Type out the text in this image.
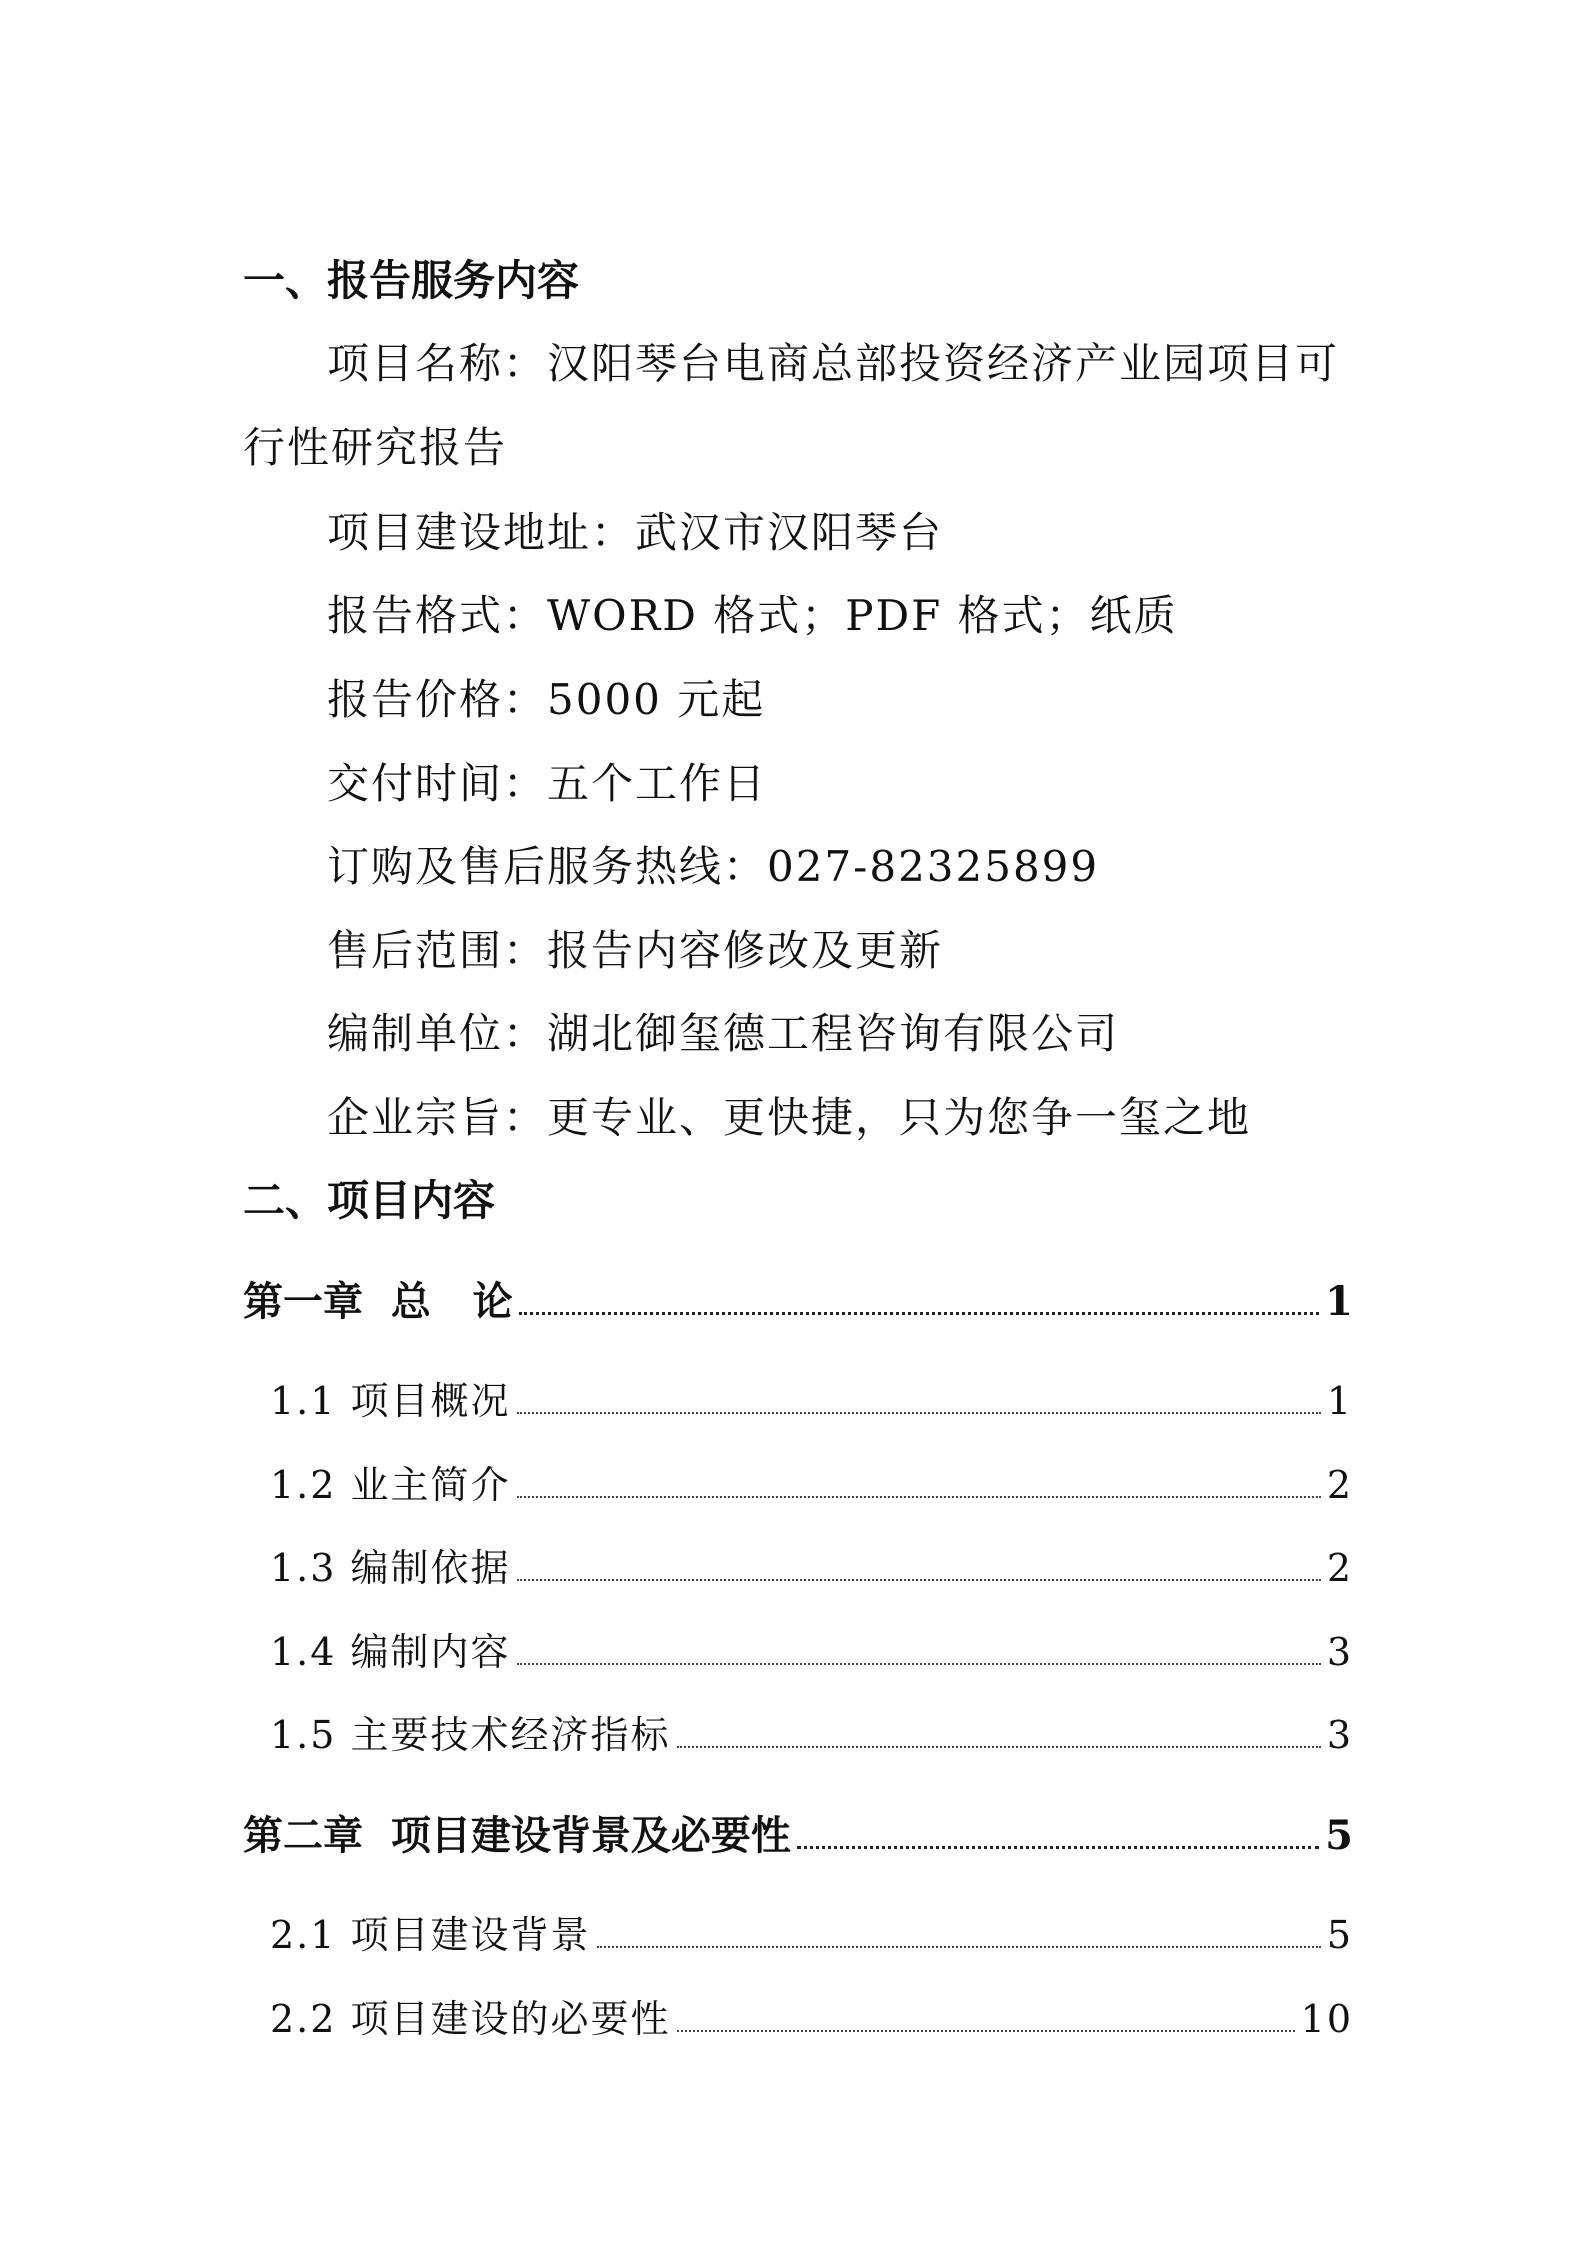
一、报告服务内容
项目名称：汉阳琴台电商总部投资经济产业园项目可行性研究报告
项目建设地址：武汉市汉阳琴台
报告格式：WORD 格式；PDF 格式；纸质
报告价格：5000 元起
交付时间：五个工作日
订购及售后服务热线：027-82325899
售后范围：报告内容修改及更新
编制单位：湖北御玺德工程咨询有限公司
企业宗旨：更专业、更快捷，只为您争一玺之地
二、项目内容
第一章  总   论	1
1.1 项目概况	1
1.2 业主简介	2
1.3 编制依据	2
1.4 编制内容	3
1.5 主要技术经济指标	3
第二章  项目建设背景及必要性	5
2.1 项目建设背景	5
2.2 项目建设的必要性	10
